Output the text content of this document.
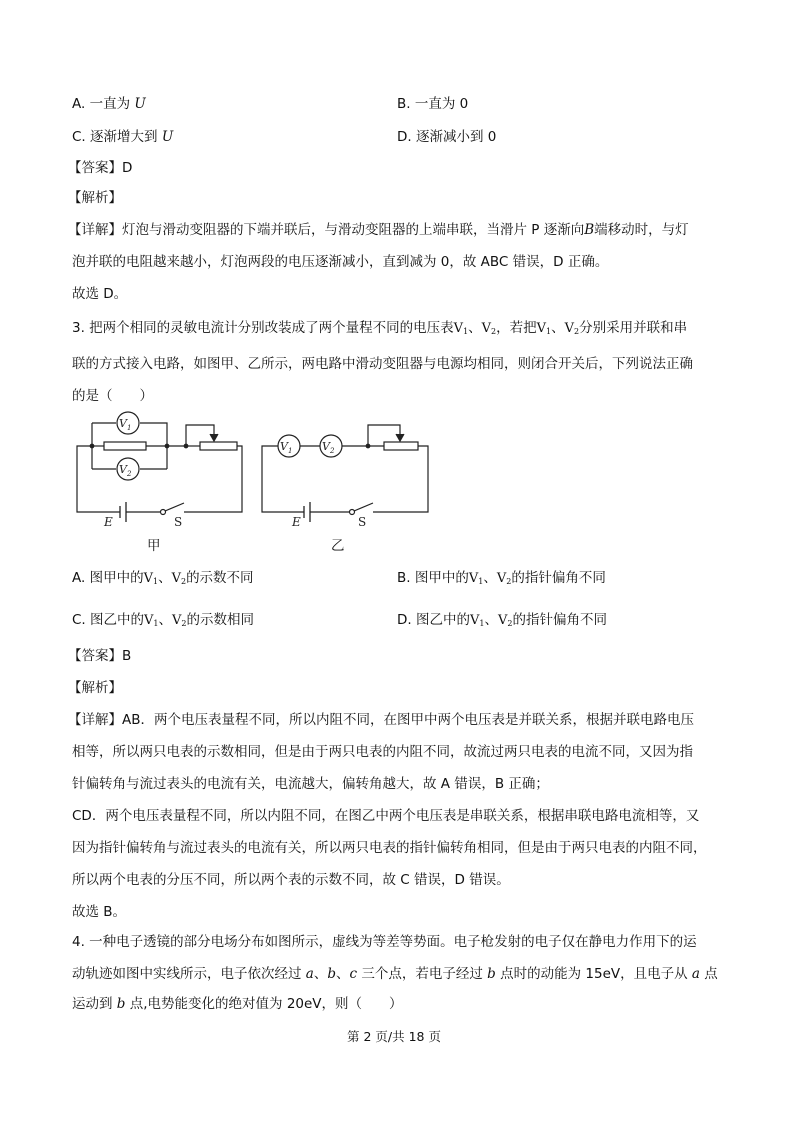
A. 一直为 U	B. 一直为 0
C. 逐渐增大到 U	D. 逐渐减小到 0
【答案】D
【解析】
【详解】灯泡与滑动变阻器的下端并联后，与滑动变阻器的上端串联，当滑片 P 逐渐向B端移动时，与灯
泡并联的电阻越来越小，灯泡两段的电压逐渐减小，直到减为 0，故 ABC 错误，D 正确。
故选 D。
3. 把两个相同的灵敏电流计分别改装成了两个量程不同的电压表$V_1$、$V_2$，若把$V_1$、$V_2$分别采用并联和串
联的方式接入电路，如图甲、乙所示，两电路中滑动变阻器与电源均相同，则闭合开关后，下列说法正确
的是（　　）
$V_1$
$V_2$
E	S
$V_1$	$V_2$
E	S
甲	乙
A. 图甲中的$V_1$、$V_2$的示数不同	B. 图甲中的$V_1$、$V_2$的指针偏角不同
C. 图乙中的$V_1$、$V_2$的示数相同	D. 图乙中的$V_1$、$V_2$的指针偏角不同
【答案】B
【解析】
【详解】AB．两个电压表量程不同，所以内阻不同，在图甲中两个电压表是并联关系，根据并联电路电压
相等，所以两只电表的示数相同，但是由于两只电表的内阻不同，故流过两只电表的电流不同，又因为指
针偏转角与流过表头的电流有关，电流越大，偏转角越大，故 A 错误，B 正确；
CD．两个电压表量程不同，所以内阻不同，在图乙中两个电压表是串联关系，根据串联电路电流相等，又
因为指针偏转角与流过表头的电流有关，所以两只电表的指针偏转角相同，但是由于两只电表的内阻不同，
所以两个电表的分压不同，所以两个表的示数不同，故 C 错误，D 错误。
故选 B。
4. 一种电子透镜的部分电场分布如图所示，虚线为等差等势面。电子枪发射的电子仅在静电力作用下的运
动轨迹如图中实线所示，电子依次经过 a、b、c 三个点，若电子经过 b 点时的动能为 15eV，且电子从 a 点
运动到 b 点,电势能变化的绝对值为 20eV，则（　　）
第 2 页/共 18 页
